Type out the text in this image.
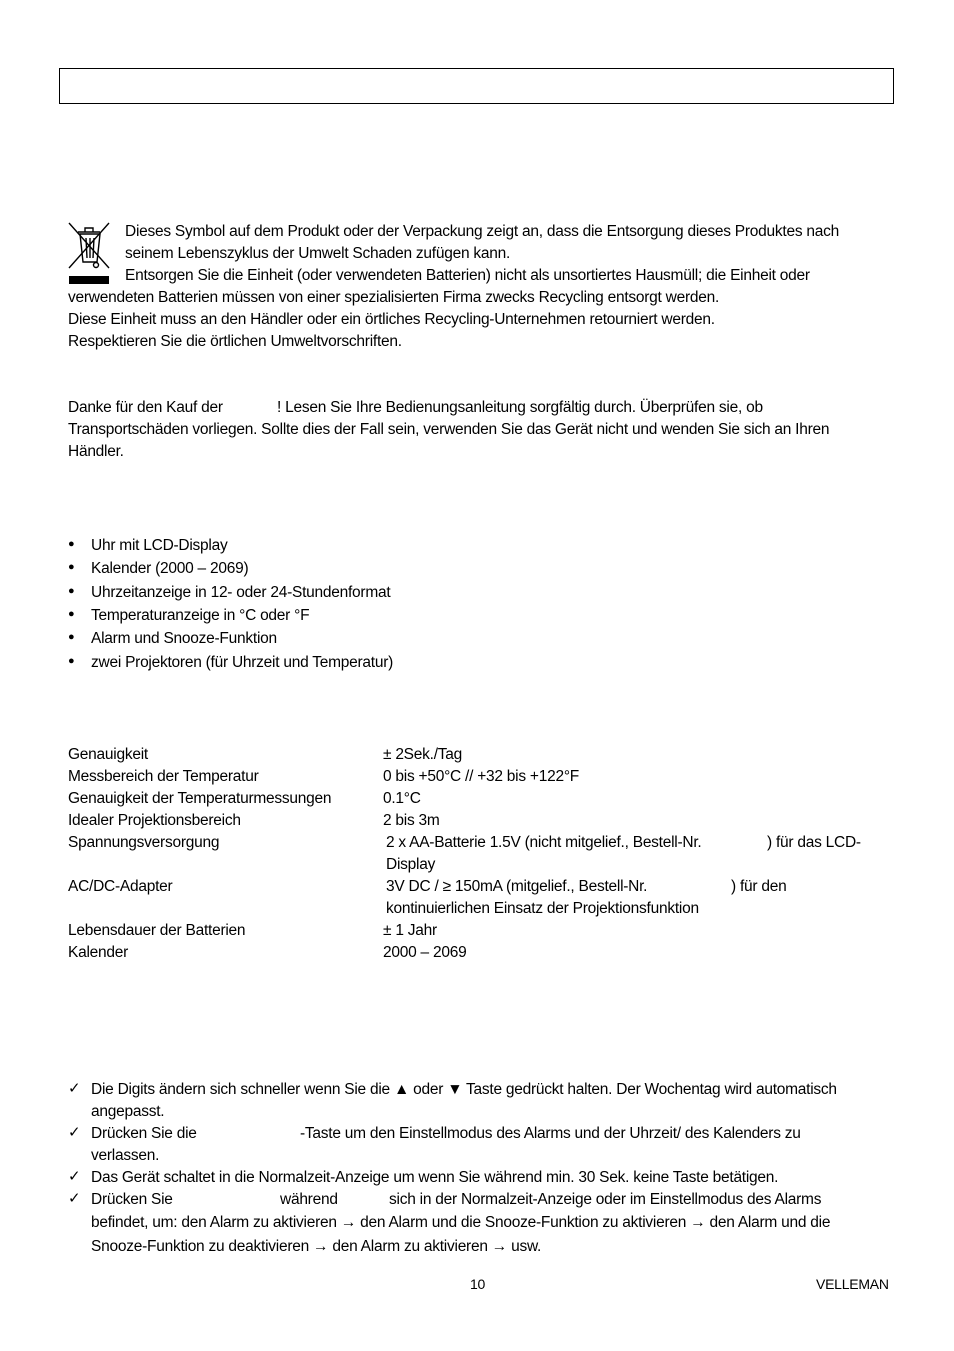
Dieses Symbol auf dem Produkt oder der Verpackung zeigt an, dass die Entsorgung dieses Produktes nach
seinem Lebenszyklus der Umwelt Schaden zufügen kann.
Entsorgen Sie die Einheit (oder verwendeten Batterien) nicht als unsortiertes Hausmüll; die Einheit oder
verwendeten Batterien müssen von einer spezialisierten Firma zwecks Recycling entsorgt werden.
Diese Einheit muss an den Händler oder ein örtliches Recycling-Unternehmen retourniert werden.
Respektieren Sie die örtlichen Umweltvorschriften.
Danke für den Kauf der	! Lesen Sie Ihre Bedienungsanleitung sorgfältig durch. Überprüfen sie, ob
Transportschäden vorliegen. Sollte dies der Fall sein, verwenden Sie das Gerät nicht und wenden Sie sich an Ihren
Händler.
● Uhr mit LCD-Display
● Kalender (2000 – 2069)
● Uhrzeitanzeige in 12- oder 24-Stundenformat
● Temperaturanzeige in °C oder °F
● Alarm und Snooze-Funktion
● zwei Projektoren (für Uhrzeit und Temperatur)
Genauigkeit	± 2Sek./Tag
Messbereich der Temperatur	0 bis +50°C // +32 bis +122°F
Genauigkeit der Temperaturmessungen	0.1°C
Idealer Projektionsbereich	2 bis 3m
Spannungsversorgung	2 x AA-Batterie 1.5V (nicht mitgelief., Bestell-Nr.	) für das LCD-
Display
AC/DC-Adapter	3V DC / ≥ 150mA (mitgelief., Bestell-Nr.	) für den
kontinuierlichen Einsatz der Projektionsfunktion
Lebensdauer der Batterien	± 1 Jahr
Kalender	2000 – 2069
✓ Die Digits ändern sich schneller wenn Sie die ▲ oder ▼ Taste gedrückt halten. Der Wochentag wird automatisch
angepasst.
✓ Drücken Sie die	-Taste um den Einstellmodus des Alarms und der Uhrzeit/ des Kalenders zu
verlassen.
✓ Das Gerät schaltet in die Normalzeit-Anzeige um wenn Sie während min. 30 Sek. keine Taste betätigen.
✓ Drücken Sie	während	sich in der Normalzeit-Anzeige oder im Einstellmodus des Alarms
befindet, um: den Alarm zu aktivieren → den Alarm und die Snooze-Funktion zu aktivieren → den Alarm und die
Snooze-Funktion zu deaktivieren → den Alarm zu aktivieren → usw.
10	VELLEMAN
